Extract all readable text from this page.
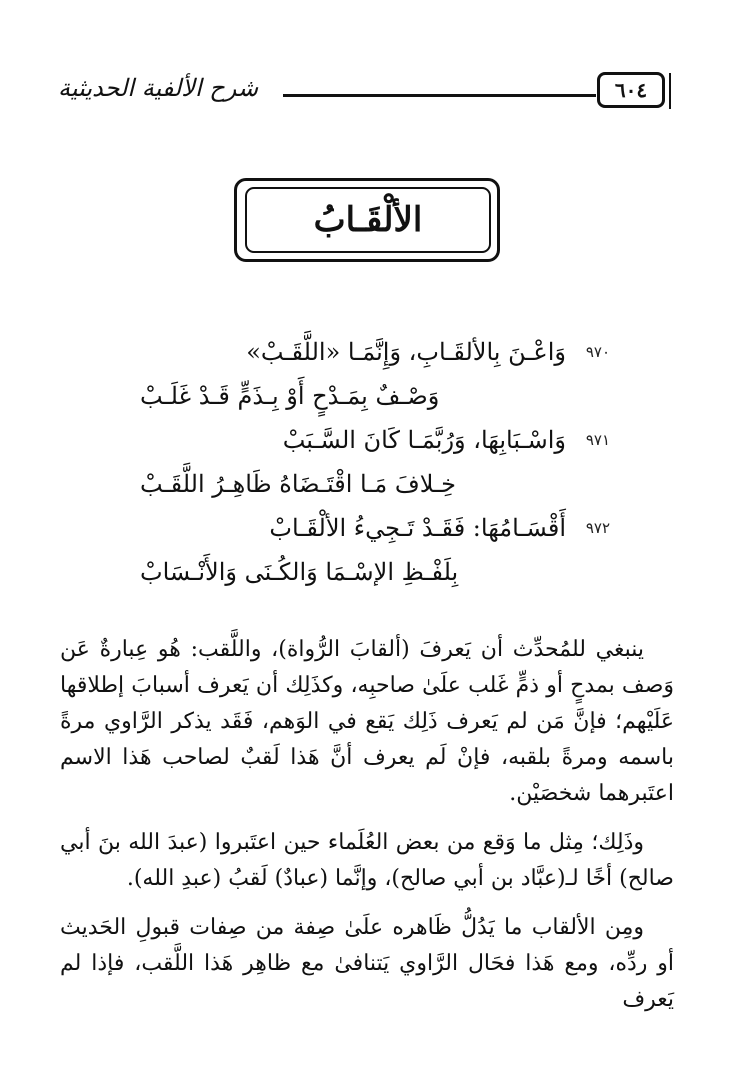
شرح الألفية الحديثية	٦٠٤
الألْقَـابُ
٩٧٠
وَاعْـنَ بِالألقَـابِ، وَإِنَّمَـا «اللَّقَـبْ»
وَصْـفٌ بِمَـدْحٍ أَوْ بِـذَمٍّ قَـدْ غَلَـبْ
٩٧١
وَاسْـبَابِهَا، وَرُبَّمَـا كَانَ السَّـبَبْ
خِـلافَ مَـا اقْتَـضَاهُ ظَاهِـرُ اللَّقَـبْ
٩٧٢
أَقْسَـامُهَا: فَقَـدْ تَـجِيءُ الألْقَـابْ
بِلَفْـظِ الإسْـمَا وَالكُـنَى وَالأَنْـسَابْ

ينبغي للمُحدِّث أن يَعرفَ (ألقابَ الرُّواة)، واللَّقب: هُو عِبارةٌ عَن وَصف بمدحٍ أو ذمٍّ غَلب علَىٰ صاحبِه، وكذَلِك أن يَعرف أسبابَ إطلاقها عَلَيْهم؛ فإنَّ مَن لم يَعرف ذَلِك يَقع في الوَهم، فَقَد يذكر الرَّاوي مرةً باسمه ومرةً بلقبه، فإنْ لَم يعرف أنَّ هَذا لَقبٌ لصاحب هَذا الاسم اعتَبرهما شخصَيْن.

وذَلِك؛ مِثل ما وَقع من بعض العُلَماء حين اعتَبروا (عبدَ الله بنَ أبي صالح) أخًا لـ(عبَّاد بن أبي صالح)، وإنَّما (عبادٌ) لَقبُ (عبدِ الله).

ومِن الألقاب ما يَدُلُّ ظَاهره علَىٰ صِفة من صِفات قبولِ الحَديث أو ردِّه، ومع هَذا فحَال الرَّاوي يَتنافىٰ مع ظاهِر هَذا اللَّقب، فإذا لم يَعرف
